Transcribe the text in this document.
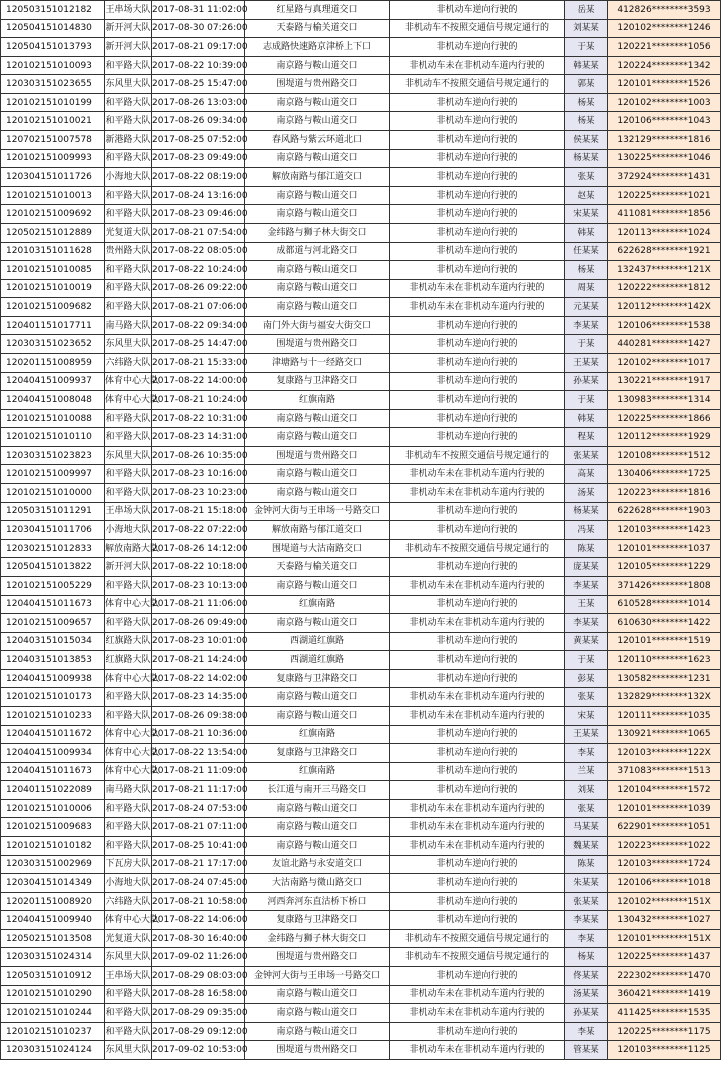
120503151012182	王串场大队	2017-08-31 11:02:00	红星路与真理道交口	非机动车逆向行驶的	岳某	412826********3593
120504151014830	新开河大队	2017-08-30 07:26:00	天泰路与榆关道交口	非机动车不按照交通信号规定通行的	刘某某	120102********1246
120504151013793	新开河大队	2017-08-21 09:17:00	志成路快速路京津桥上下口	非机动车逆向行驶的	于某	120221********1056
120102151010093	和平路大队	2017-08-22 10:39:00	南京路与鞍山道交口	非机动车未在非机动车道内行驶的	韩某某	120224********1342
120303151023655	东风里大队	2017-08-25 15:47:00	围堤道与贵州路交口	非机动车不按照交通信号规定通行的	郭某	120101********1526
120102151010199	和平路大队	2017-08-26 13:03:00	南京路与鞍山道交口	非机动车逆向行驶的	杨某	120102********1003
120102151010021	和平路大队	2017-08-26 09:34:00	南京路与鞍山道交口	非机动车逆向行驶的	杨某	120106********1043
120702151007578	新港路大队	2017-08-25 07:52:00	春风路与紫云环道北口	非机动车逆向行驶的	侯某某	132129********1816
120102151009993	和平路大队	2017-08-23 09:49:00	南京路与鞍山道交口	非机动车逆向行驶的	杨某某	130225********1046
120304151011726	小海地大队	2017-08-22 08:19:00	解放南路与郁江道交口	非机动车逆向行驶的	张某	372924********1431
120102151010013	和平路大队	2017-08-24 13:16:00	南京路与鞍山道交口	非机动车逆向行驶的	赵某	120225********1021
120102151009692	和平路大队	2017-08-23 09:46:00	南京路与鞍山道交口	非机动车逆向行驶的	宋某某	411081********1856
120502151012889	光复道大队	2017-08-21 07:54:00	金纬路与狮子林大街交口	非机动车逆向行驶的	韩某	120113********1024
120103151011628	贵州路大队	2017-08-22 08:05:00	成都道与河北路交口	非机动车逆向行驶的	任某某	622628********1921
120102151010085	和平路大队	2017-08-22 10:24:00	南京路与鞍山道交口	非机动车逆向行驶的	杨某	132437********121X
120102151010019	和平路大队	2017-08-26 09:22:00	南京路与鞍山道交口	非机动车未在非机动车道内行驶的	周某	120222********1812
120102151009682	和平路大队	2017-08-21 07:06:00	南京路与鞍山道交口	非机动车未在非机动车道内行驶的	元某某	120112********142X
120401151017711	南马路大队	2017-08-22 09:34:00	南门外大街与福安大街交口	非机动车逆向行驶的	李某某	120106********1538
120303151023652	东风里大队	2017-08-25 14:47:00	围堤道与贵州路交口	非机动车逆向行驶的	于某	440281********1427
120201151008959	六纬路大队	2017-08-21 15:33:00	津塘路与十一经路交口	非机动车逆向行驶的	王某某	120102********1017
120404151009937	体育中心大队	2017-08-22 14:00:00	复康路与卫津路交口	非机动车逆向行驶的	孙某某	130221********1917
120404151008048	体育中心大队	2017-08-21 10:24:00	红旗南路	非机动车逆向行驶的	于某	130983********1314
120102151010088	和平路大队	2017-08-22 10:31:00	南京路与鞍山道交口	非机动车逆向行驶的	韩某	120225********1866
120102151010110	和平路大队	2017-08-23 14:31:00	南京路与鞍山道交口	非机动车逆向行驶的	程某	120112********1929
120303151023823	东风里大队	2017-08-26 10:35:00	围堤道与贵州路交口	非机动车不按照交通信号规定通行的	张某某	120108********1512
120102151009997	和平路大队	2017-08-23 10:16:00	南京路与鞍山道交口	非机动车未在非机动车道内行驶的	高某	130406********1725
120102151010000	和平路大队	2017-08-23 10:23:00	南京路与鞍山道交口	非机动车未在非机动车道内行驶的	汤某	120223********1816
120503151011291	王串场大队	2017-08-21 15:18:00	金钟河大街与王串场一号路交口	非机动车逆向行驶的	杨某某	622628********1903
120304151011706	小海地大队	2017-08-22 07:22:00	解放南路与郁江道交口	非机动车逆向行驶的	冯某	120103********1423
120302151012833	解放南路大队	2017-08-26 14:12:00	围堤道与大沽南路交口	非机动车不按照交通信号规定通行的	陈某	120101********1037
120504151013822	新开河大队	2017-08-22 10:18:00	天泰路与榆关道交口	非机动车逆向行驶的	庞某某	120105********1229
120102151005229	和平路大队	2017-08-23 10:13:00	南京路与鞍山道交口	非机动车未在非机动车道内行驶的	李某某	371426********1808
120404151011673	体育中心大队	2017-08-21 11:06:00	红旗南路	非机动车逆向行驶的	王某	610528********1014
120102151009657	和平路大队	2017-08-26 09:49:00	南京路与鞍山道交口	非机动车未在非机动车道内行驶的	李某某	610630********1422
120403151015034	红旗路大队	2017-08-23 10:01:00	西湖道红旗路	非机动车逆向行驶的	黄某某	120101********1519
120403151013853	红旗路大队	2017-08-21 14:24:00	西湖道红旗路	非机动车逆向行驶的	于某	120110********1623
120404151009938	体育中心大队	2017-08-22 14:02:00	复康路与卫津路交口	非机动车逆向行驶的	彭某	130582********1231
120102151010173	和平路大队	2017-08-23 14:35:00	南京路与鞍山道交口	非机动车未在非机动车道内行驶的	张某	132829********132X
120102151010233	和平路大队	2017-08-26 09:38:00	南京路与鞍山道交口	非机动车未在非机动车道内行驶的	宋某	120111********1035
120404151011672	体育中心大队	2017-08-21 10:36:00	红旗南路	非机动车逆向行驶的	王某某	130921********1065
120404151009934	体育中心大队	2017-08-22 13:54:00	复康路与卫津路交口	非机动车逆向行驶的	李某	120103********122X
120404151011673	体育中心大队	2017-08-21 11:09:00	红旗南路	非机动车逆向行驶的	兰某	371083********1513
120401151022089	南马路大队	2017-08-21 11:17:00	长江道与南开三马路交口	非机动车逆向行驶的	刘某	120104********1572
120102151010006	和平路大队	2017-08-24 07:53:00	南京路与鞍山道交口	非机动车未在非机动车道内行驶的	张某	120101********1039
120102151009683	和平路大队	2017-08-21 07:11:00	南京路与鞍山道交口	非机动车未在非机动车道内行驶的	马某某	622901********1051
120102151010182	和平路大队	2017-08-25 10:41:00	南京路与鞍山道交口	非机动车未在非机动车道内行驶的	魏某某	120223********1022
120303151002969	下瓦房大队	2017-08-21 17:17:00	友谊北路与永安道交口	非机动车逆向行驶的	陈某	120103********1724
120304151014349	小海地大队	2017-08-24 07:45:00	大沽南路与微山路交口	非机动车逆向行驶的	朱某某	120106********1018
120201151008920	六纬路大队	2017-08-21 10:58:00	河西奔河东直沽桥下桥口	非机动车逆向行驶的	张某某	120102********151X
120404151009940	体育中心大队	2017-08-22 14:06:00	复康路与卫津路交口	非机动车逆向行驶的	李某某	130432********1027
120502151013508	光复道大队	2017-08-30 16:40:00	金纬路与狮子林大街交口	非机动车不按照交通信号规定通行的	李某	120101********151X
120303151024314	东风里大队	2017-09-02 11:26:00	围堤道与贵州路交口	非机动车不按照交通信号规定通行的	杨某	120225********1437
120503151010912	王串场大队	2017-08-29 08:03:00	金钟河大街与王串场一号路交口	非机动车逆向行驶的	佟某某	222302********1470
120102151010290	和平路大队	2017-08-28 16:58:00	南京路与鞍山道交口	非机动车未在非机动车道内行驶的	汤某某	360421********1419
120102151010244	和平路大队	2017-08-29 09:35:00	南京路与鞍山道交口	非机动车未在非机动车道内行驶的	孙某某	411425********1535
120102151010237	和平路大队	2017-08-29 09:12:00	南京路与鞍山道交口	非机动车逆向行驶的	李某	120225********1175
120303151024124	东风里大队	2017-09-02 10:53:00	围堤道与贵州路交口	非机动车未在非机动车道内行驶的	管某某	120103********1125
